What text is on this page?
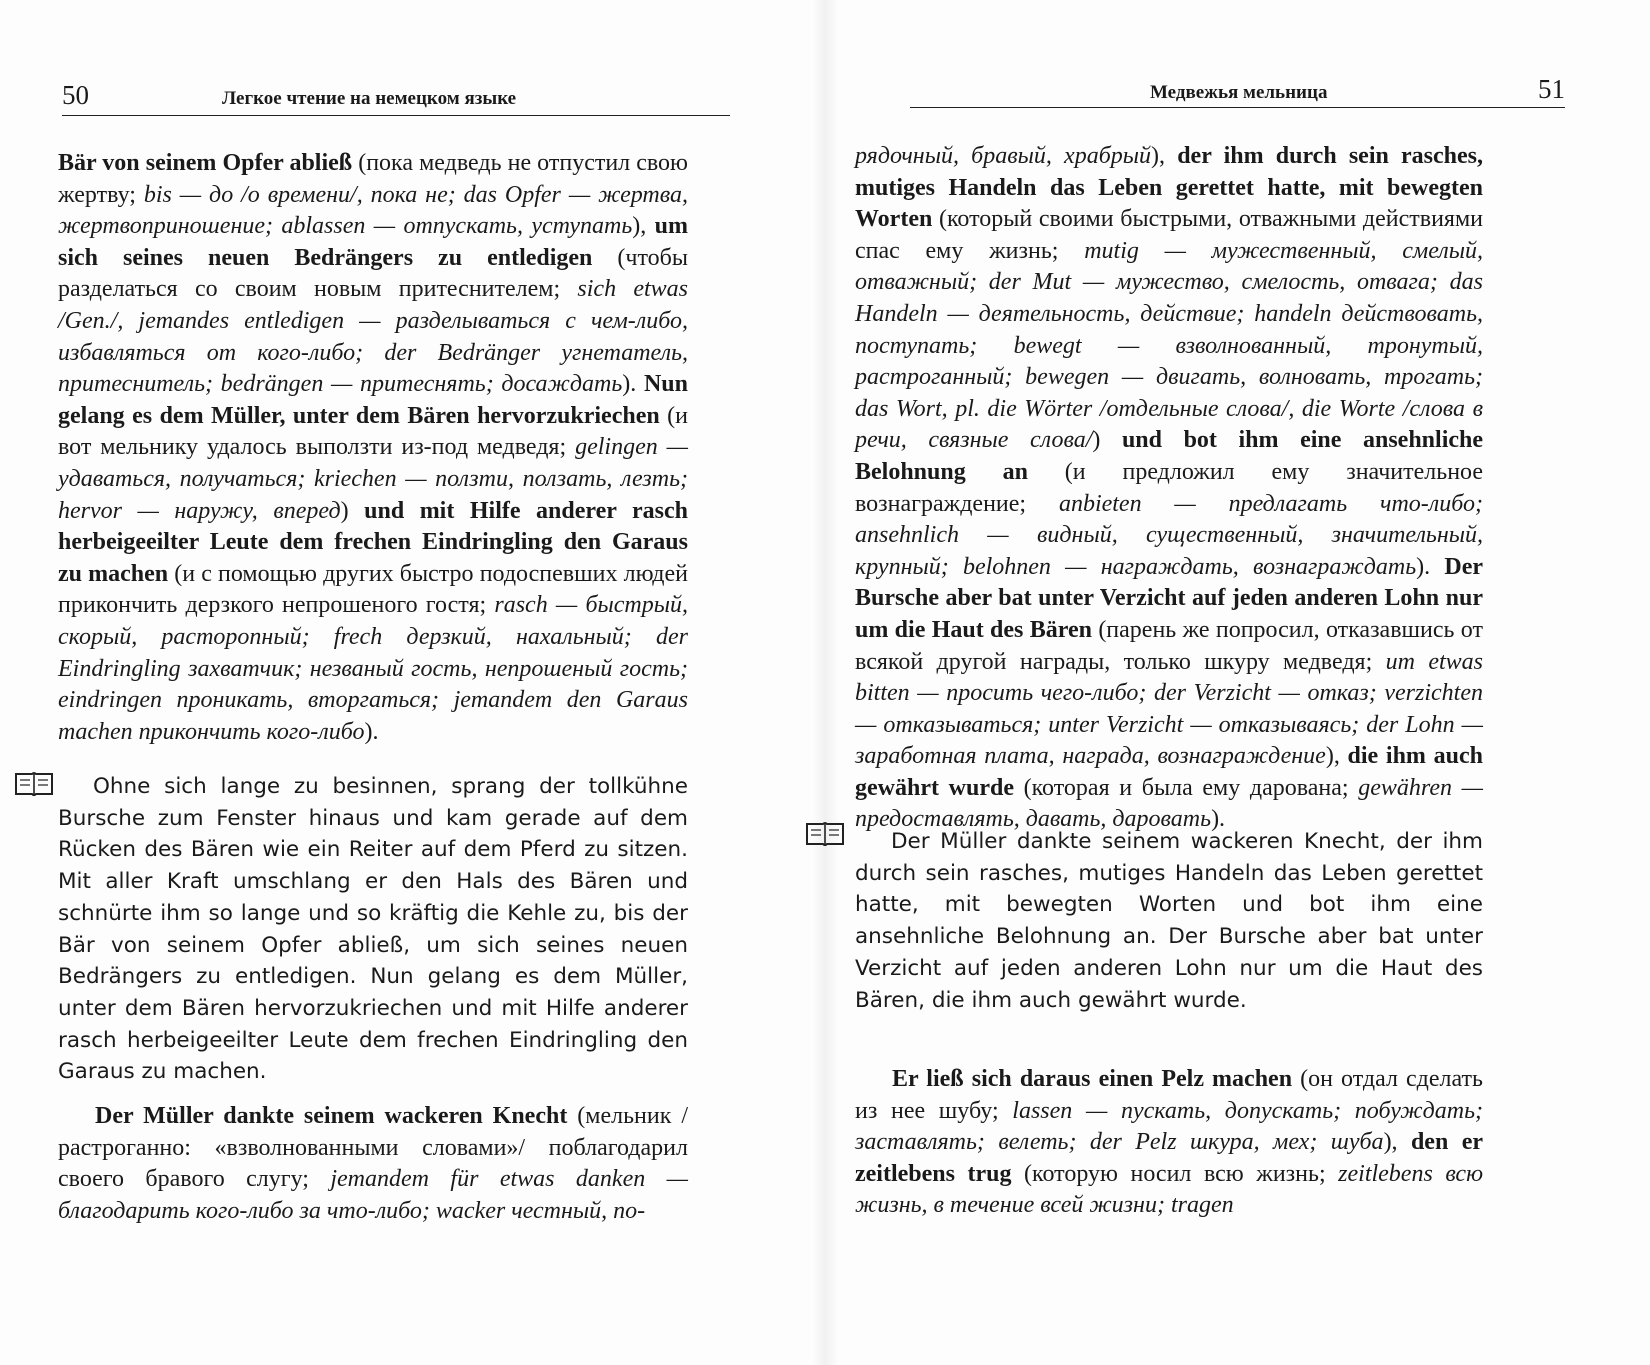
50	Легкое чтение на немецком языке
Bär von seinem Opfer abließ (пока медведь не отпустил свою жертву; bis — до /о времени/, пока не; das Opfer — жертва, жертвоприношение; ablassen — отпускать, уступать), um sich seines neuen Bedrängers zu entledigen (чтобы разделаться со своим новым притеснителем; sich etwas /Gen./, jemandes entledigen — разделываться с чем-либо, избавляться от кого-либо; der Bedränger угнетатель, притеснитель; bedrängen — притеснять; досаждать). Nun gelang es dem Müller, unter dem Bären hervorzukriechen (и вот мельнику удалось выползти из-под медведя; gelingen — удаваться, получаться; kriechen — ползти, ползать, лезть; hervor — наружу, вперед) und mit Hilfe anderer rasch herbeigeeilter Leute dem frechen Eindringling den Garaus zu machen (и с помощью других быстро подоспевших людей прикончить дерзкого непрошеного гостя; rasch — быстрый, скорый, расторопный; frech дерзкий, нахальный; der Eindringling захватчик; незваный гость, непрошеный гость; eindringen проникать, вторгаться; jemandem den Garaus machen прикончить кого-либо).
Ohne sich lange zu besinnen, sprang der tollkühne Bursche zum Fenster hinaus und kam gerade auf dem Rücken des Bären wie ein Reiter auf dem Pferd zu sitzen. Mit aller Kraft umschlang er den Hals des Bären und schnürte ihm so lange und so kräftig die Kehle zu, bis der Bär von seinem Opfer abließ, um sich seines neuen Bedrängers zu entledigen. Nun gelang es dem Müller, unter dem Bären hervorzukriechen und mit Hilfe anderer rasch herbeigeeilter Leute dem frechen Eindringling den Garaus zu machen.
Der Müller dankte seinem wackeren Knecht (мельник /растроганно: «взволнованными словами»/ поблагодарил своего бравого слугу; jemandem für etwas danken — благодарить кого-либо за что-либо; wacker честный, по-
Медвежья мельница	51
рядочный, бравый, храбрый), der ihm durch sein rasches, mutiges Handeln das Leben gerettet hatte, mit bewegten Worten (который своими быстрыми, отважными действиями спас ему жизнь; mutig — мужественный, смелый, отважный; der Mut — мужество, смелость, отвага; das Handeln — деятельность, действие; handeln действовать, поступать; bewegt — взволнованный, тронутый, растроганный; bewegen — двигать, волновать, трогать; das Wort, pl. die Wörter /отдельные слова/, die Worte /слова в речи, связные слова/) und bot ihm eine ansehnliche Belohnung an (и предложил ему значительное вознаграждение; anbieten — предлагать что-либо; ansehnlich — видный, существенный, значительный, крупный; belohnen — награждать, вознаграждать). Der Bursche aber bat unter Verzicht auf jeden anderen Lohn nur um die Haut des Bären (парень же попросил, отказавшись от всякой другой награды, только шкуру медведя; um etwas bitten — просить чего-либо; der Verzicht — отказ; verzichten — отказываться; unter Verzicht — отказываясь; der Lohn — заработная плата, награда, вознаграждение), die ihm auch gewährt wurde (которая и была ему дарована; gewähren — предоставлять, давать, даровать).
Der Müller dankte seinem wackeren Knecht, der ihm durch sein rasches, mutiges Handeln das Leben gerettet hatte, mit bewegten Worten und bot ihm eine ansehnliche Belohnung an. Der Bursche aber bat unter Verzicht auf jeden anderen Lohn nur um die Haut des Bären, die ihm auch gewährt wurde.
Er ließ sich daraus einen Pelz machen (он отдал сделать из нее шубу; lassen — пускать, допускать; побуждать; заставлять; велеть; der Pelz шкура, мех; шуба), den er zeitlebens trug (которую носил всю жизнь; zeitlebens всю жизнь, в течение всей жизни; tragen
